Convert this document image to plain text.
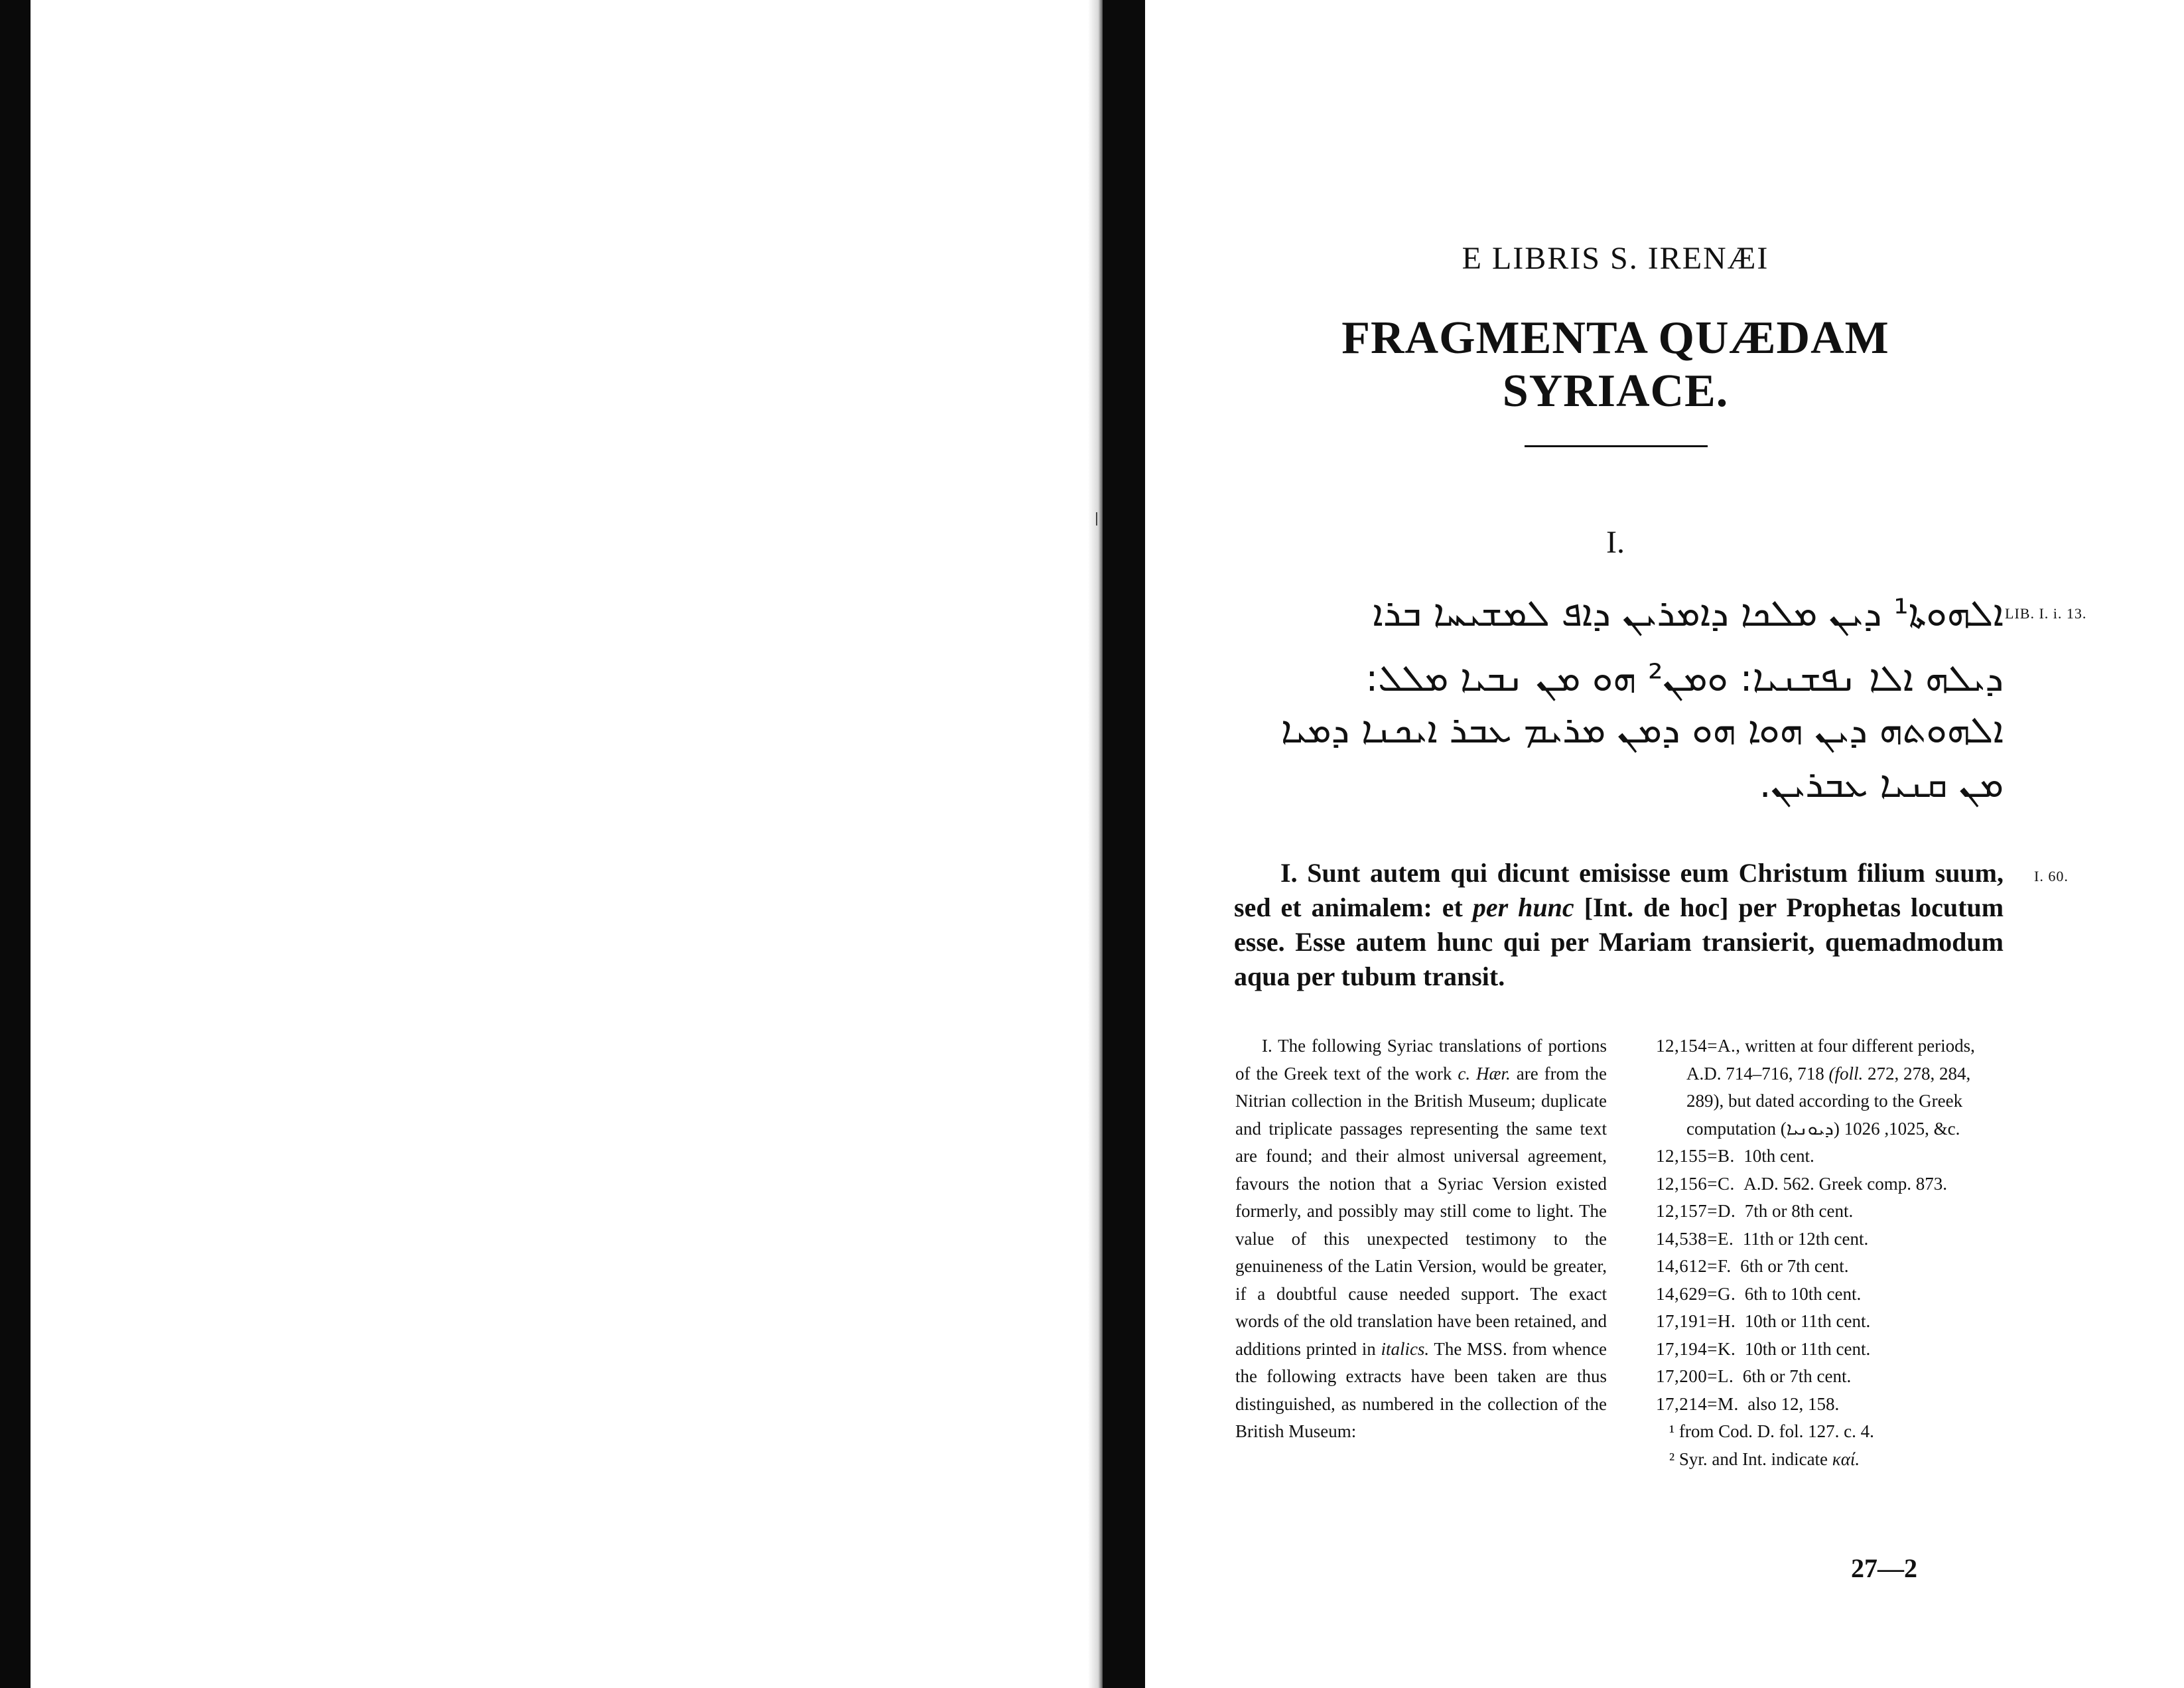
E LIBRIS S. IRENÆI
FRAGMENTA QUÆDAM SYRIACE.
I.
ܐܠܗܘܬܐ¹ ܕܝܢ ܡܠܟܐ ܕܐܡܪܝܢ ܕܐܦ ܠܡܫܝܚܐ ܒܪܐ
ܕܝܠܗ ܐܠܐ ܢܦܫܢܝܐ: ܘܡܢ² ܗܘ ܡܢ ܢܒܝܐ ܡܠܠ:
ܐܠܗܘܬܗ ܕܝܢ ܗܘܐ ܗܘ ܕܡܢ ܡܪܝܡ ܥܒܪ ܐܝܟܢܐ ܕܡܝܐ
ܡܢ ܩܢܝܐ ܥܒܪܝܢ.
LIB. I. i. 13.
I. 60.
I. Sunt autem qui dicunt emisisse eum Christum filium suum, sed et animalem: et per hunc [Int. de hoc] per Prophetas locutum esse. Esse autem hunc qui per Mariam transierit, quemadmodum aqua per tubum transit.
I. The following Syriac translations of portions of the Greek text of the work c. Hær. are from the Nitrian collection in the British Museum; duplicate and triplicate passages representing the same text are found; and their almost universal agreement, favours the notion that a Syriac Version existed formerly, and possibly may still come to light. The value of this unexpected testimony to the genuineness of the Latin Version, would be greater, if a doubtful cause needed support. The exact words of the old translation have been retained, and additions printed in italics. The MSS. from whence the following extracts have been taken are thus distinguished, as numbered in the collection of the British Museum:
12,154=A., written at four different periods, A.D. 714–716, 718 (foll. 272, 278, 284, 289), but dated according to the Greek computation (ܕܝܘܢܝܐ) 1025, 1026, &c.
12,155=B. 10th cent.
12,156=C. A.D. 562. Greek comp. 873.
12,157=D. 7th or 8th cent.
14,538=E. 11th or 12th cent.
14,612=F. 6th or 7th cent.
14,629=G. 6th to 10th cent.
17,191=H. 10th or 11th cent.
17,194=K. 10th or 11th cent.
17,200=L. 6th or 7th cent.
17,214=M. also 12, 158.
¹ from Cod. D. fol. 127. c. 4.
² Syr. and Int. indicate καί.
27—2
